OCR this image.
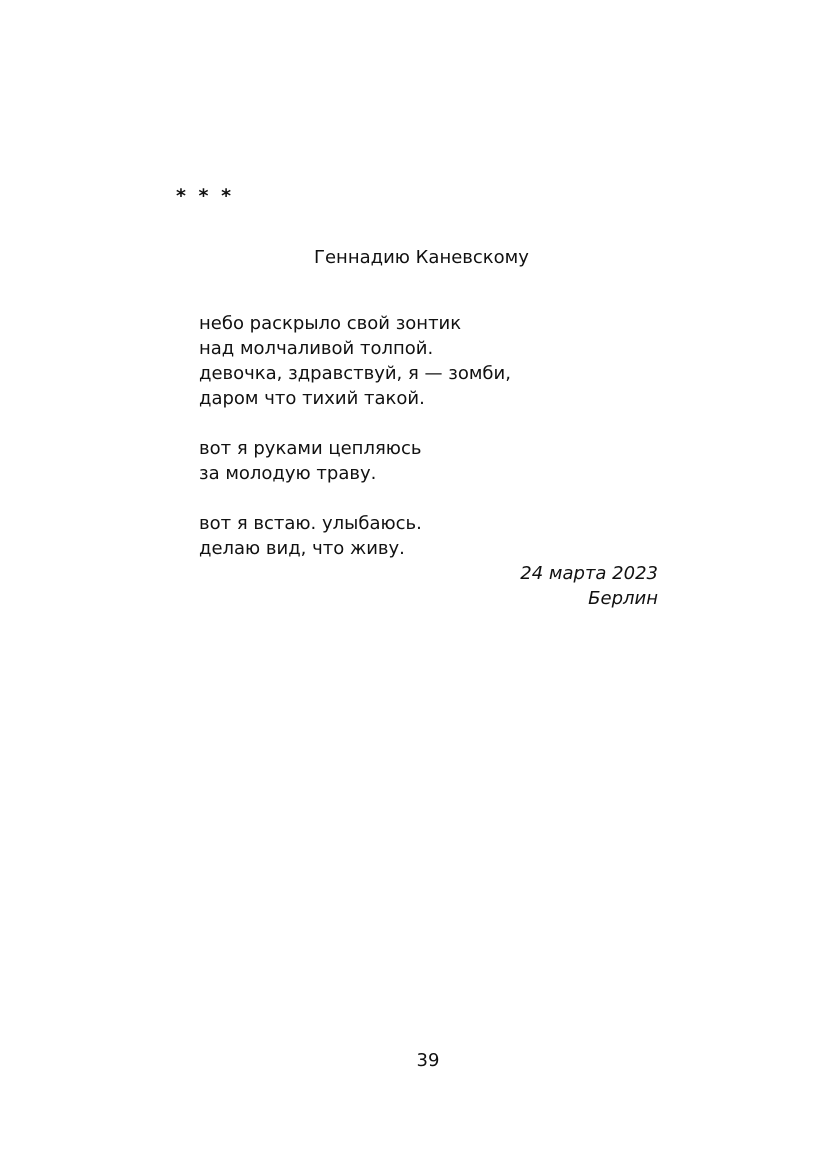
* * *

Геннадию Каневскому

небо раскрыло свой зонтик
над молчаливой толпой.
девочка, здравствуй, я — зомби,
даром что тихий такой.
вот я руками цепляюсь
за молодую траву.
вот я встаю. улыбаюсь.
делаю вид, что живу.
24 марта 2023
Берлин
39
